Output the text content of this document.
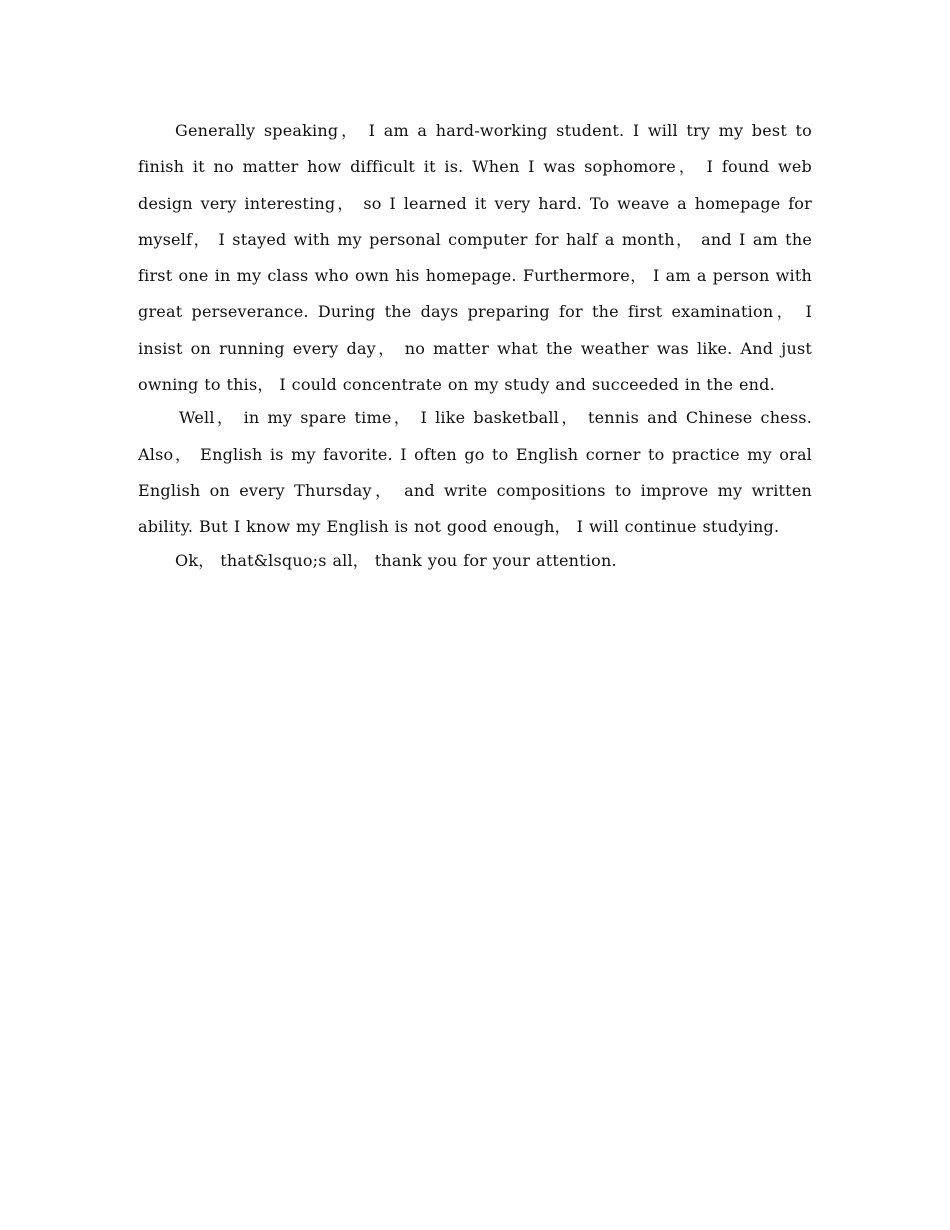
Generally speaking， I am a hard-working student. I will try my best to finish it no matter how difficult it is. When I was sophomore， I found web design very interesting， so I learned it very hard. To weave a homepage for myself， I stayed with my personal computer for half a month， and I am the first one in my class who own his homepage. Furthermore， I am a person with great perseverance. During the days preparing for the first examination， I insist on running every day， no matter what the weather was like. And just owning to this， I could concentrate on my study and succeeded in the end.

Well， in my spare time， I like basketball， tennis and Chinese chess. Also， English is my favorite. I often go to English corner to practice my oral English on every Thursday， and write compositions to improve my written ability. But I know my English is not good enough， I will continue studying.

Ok， that&lsquo;s all， thank you for your attention.
